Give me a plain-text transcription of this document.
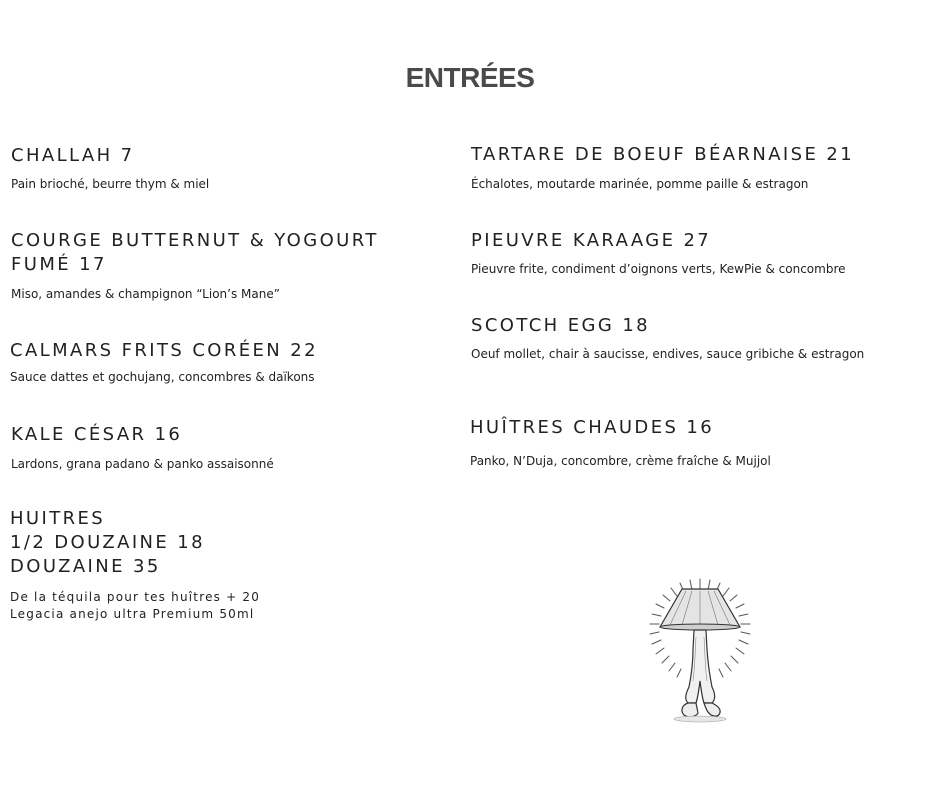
ENTRÉES

CHALLAH 7

Pain brioché, beurre thym & miel

COURGE BUTTERNUT & YOGOURT FUMÉ 17

Miso, amandes & champignon “Lion’s Mane”

CALMARS FRITS CORÉEN 22

Sauce dattes et gochujang, concombres & daïkons

KALE CÉSAR 16

Lardons, grana padano & panko assaisonné

HUITRES
1/2 DOUZAINE 18
DOUZAINE 35

De la téquila pour tes huîtres + 20
Legacia anejo ultra Premium 50ml

TARTARE DE BOEUF BÉARNAISE 21

Échalotes, moutarde marinée, pomme paille & estragon

PIEUVRE KARAAGE 27

Pieuvre frite, condiment d’oignons verts, KewPie & concombre

SCOTCH EGG 18

Oeuf mollet, chair à saucisse, endives, sauce gribiche & estragon

HUÎTRES CHAUDES 16

Panko, N’Duja, concombre, crème fraîche & Mujjol
